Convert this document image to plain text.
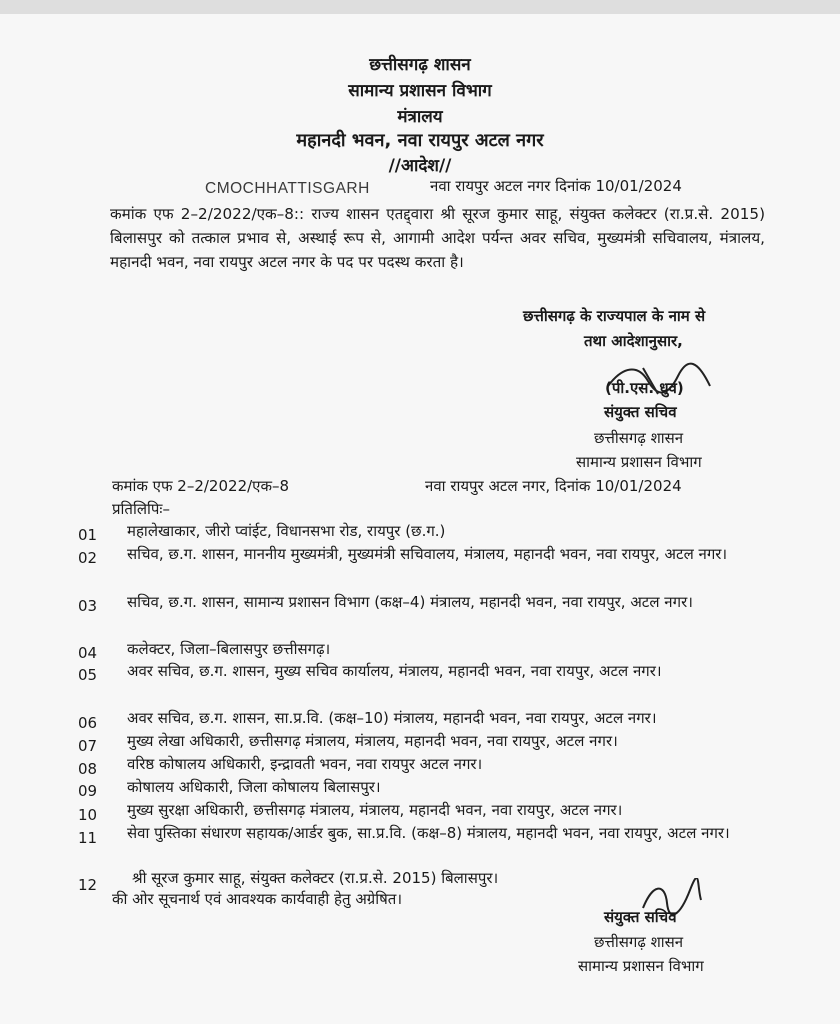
छत्तीसगढ़ शासन
सामान्य प्रशासन विभाग
मंत्रालय
महानदी भवन, नवा रायपुर अटल नगर
//आदेश//
CMOCHHATTISGARH	नवा रायपुर अटल नगर दिनांक 10/01/2024
कमांक एफ 2–2/2022/एक–8:: राज्य शासन एतद्द्वारा श्री सूरज कुमार साहू, संयुक्त कलेक्टर (रा.प्र.से. 2015) बिलासपुर को तत्काल प्रभाव से, अस्थाई रूप से, आगामी आदेश पर्यन्त अवर सचिव, मुख्यमंत्री सचिवालय, मंत्रालय, महानदी भवन, नवा रायपुर अटल नगर के पद पर पदस्थ करता है।
छत्तीसगढ़ के राज्यपाल के नाम से
तथा आदेशानुसार,
(पी.एस. ध्रुव)
संयुक्त सचिव
छत्तीसगढ़ शासन
सामान्य प्रशासन विभाग
कमांक एफ 2–2/2022/एक–8	नवा रायपुर अटल नगर, दिनांक 10/01/2024
प्रतिलिपिः–
01 महालेखाकार, जीरो प्वांईट, विधानसभा रोड, रायपुर (छ.ग.)
02 सचिव, छ.ग. शासन, माननीय मुख्यमंत्री, मुख्यमंत्री सचिवालय, मंत्रालय, महानदी भवन, नवा रायपुर, अटल नगर।
03 सचिव, छ.ग. शासन, सामान्य प्रशासन विभाग (कक्ष–4) मंत्रालय, महानदी भवन, नवा रायपुर, अटल नगर।
04 कलेक्टर, जिला–बिलासपुर छत्तीसगढ़।
05 अवर सचिव, छ.ग. शासन, मुख्य सचिव कार्यालय, मंत्रालय, महानदी भवन, नवा रायपुर, अटल नगर।
06 अवर सचिव, छ.ग. शासन, सा.प्र.वि. (कक्ष–10) मंत्रालय, महानदी भवन, नवा रायपुर, अटल नगर।
07 मुख्य लेखा अधिकारी, छत्तीसगढ़ मंत्रालय, मंत्रालय, महानदी भवन, नवा रायपुर, अटल नगर।
08 वरिष्ठ कोषालय अधिकारी, इन्द्रावती भवन, नवा रायपुर अटल नगर।
09 कोषालय अधिकारी, जिला कोषालय बिलासपुर।
10 मुख्य सुरक्षा अधिकारी, छत्तीसगढ़ मंत्रालय, मंत्रालय, महानदी भवन, नवा रायपुर, अटल नगर।
11 सेवा पुस्तिका संधारण सहायक/आर्डर बुक, सा.प्र.वि. (कक्ष–8) मंत्रालय, महानदी भवन, नवा रायपुर, अटल नगर।
12 श्री सूरज कुमार साहू, संयुक्त कलेक्टर (रा.प्र.से. 2015) बिलासपुर।
की ओर सूचनार्थ एवं आवश्यक कार्यवाही हेतु अग्रेषित।
संयुक्त सचिव
छत्तीसगढ़ शासन
सामान्य प्रशासन विभाग
